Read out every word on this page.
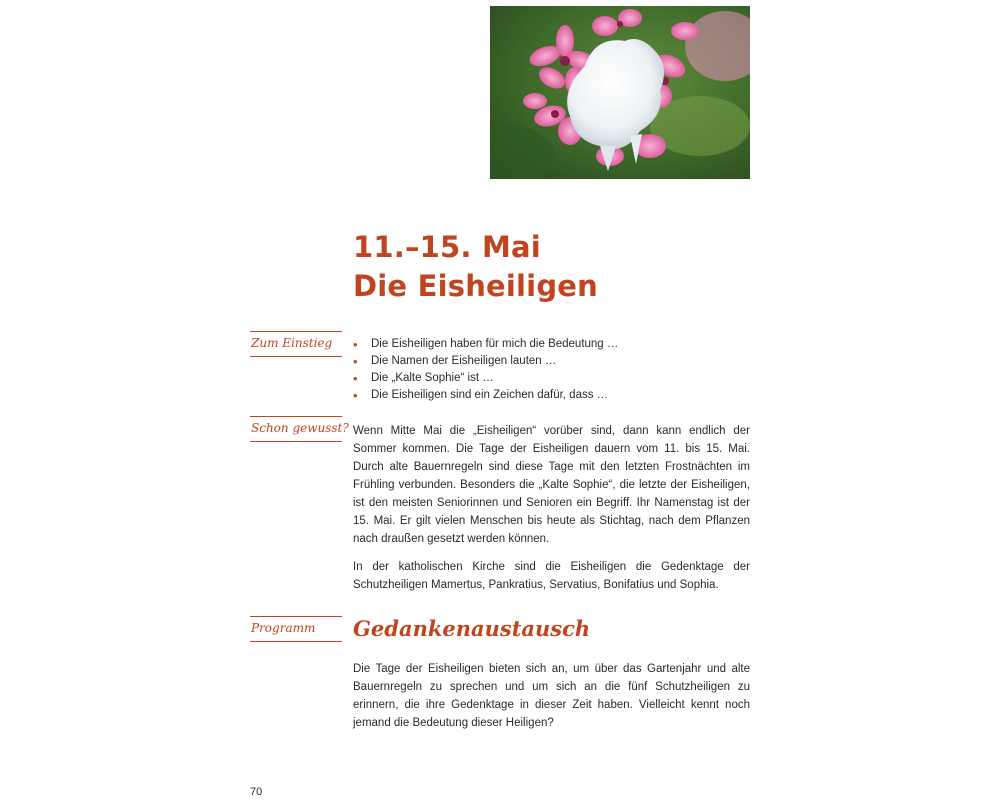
11.–15. Mai
Die Eisheiligen
Zum Einstieg
•	Die Eisheiligen haben für mich die Bedeutung …
• Die Namen der Eisheiligen lauten …
• Die „Kalte Sophie“ ist …
• Die Eisheiligen sind ein Zeichen dafür, dass …
Schon gewusst? Wenn Mitte Mai die „Eisheiligen“ vorüber sind, dann kann endlich der Sommer kommen. Die Tage der Eisheiligen dauern vom 11. bis 15. Mai. Durch alte Bauernregeln sind diese Tage mit den letzten Frostnächten im Frühling verbunden. Besonders die „Kalte Sophie“, die letzte der Eisheiligen, ist den meisten Seniorinnen und Senioren ein Begriff. Ihr Namenstag ist der 15. Mai. Er gilt vielen Menschen bis heute als Stichtag, nach dem Pflanzen nach draußen gesetzt werden können.

In der katholischen Kirche sind die Eisheiligen die Gedenktage der Schutzheiligen Mamertus, Pankratius, Servatius, Bonifatius und Sophia.

Programm Gedankenaustausch

Die Tage der Eisheiligen bieten sich an, um über das Gartenjahr und alte Bauernregeln zu sprechen und um sich an die fünf Schutzheiligen zu erinnern, die ihre Gedenktage in dieser Zeit haben. Vielleicht kennt noch jemand die Bedeutung dieser Heiligen?

70
